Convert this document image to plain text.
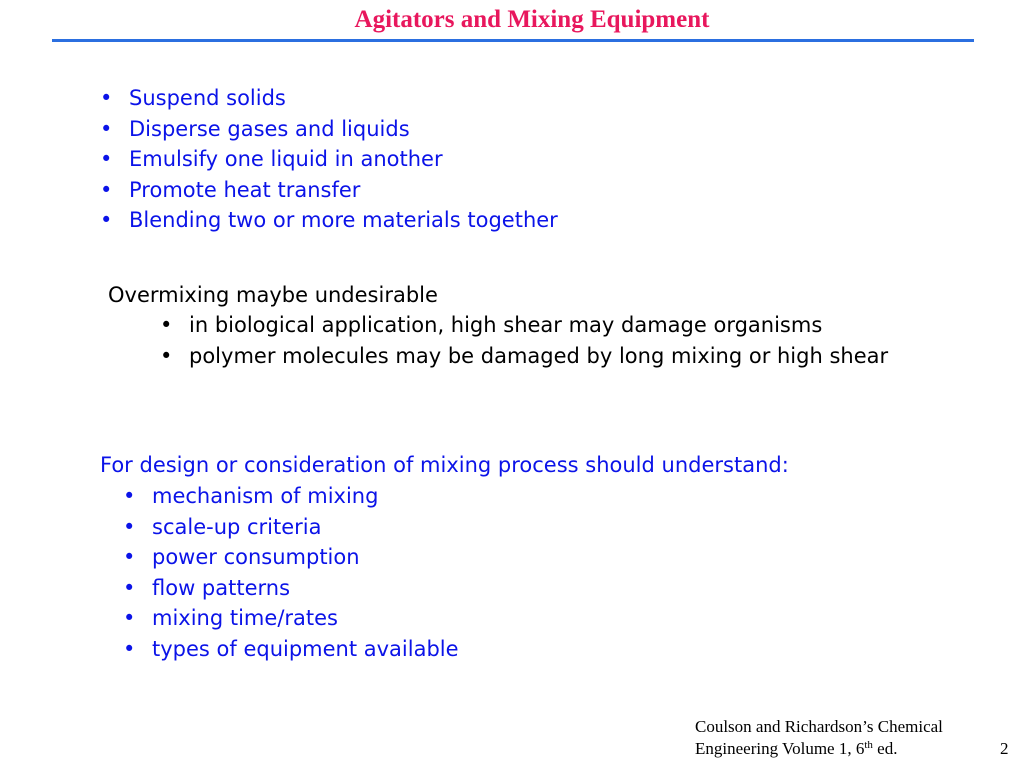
Agitators and Mixing Equipment
• Suspend solids
• Disperse gases and liquids
• Emulsify one liquid in another
• Promote heat transfer
• Blending two or more materials together
Overmixing maybe undesirable
• in biological application, high shear may damage organisms
• polymer molecules may be damaged by long mixing or high shear
For design or consideration of mixing process should understand:
• mechanism of mixing
• scale-up criteria
• power consumption
• flow patterns
• mixing time/rates
• types of equipment available
Coulson and Richardson’s Chemical
Engineering Volume 1, 6th ed.	2
